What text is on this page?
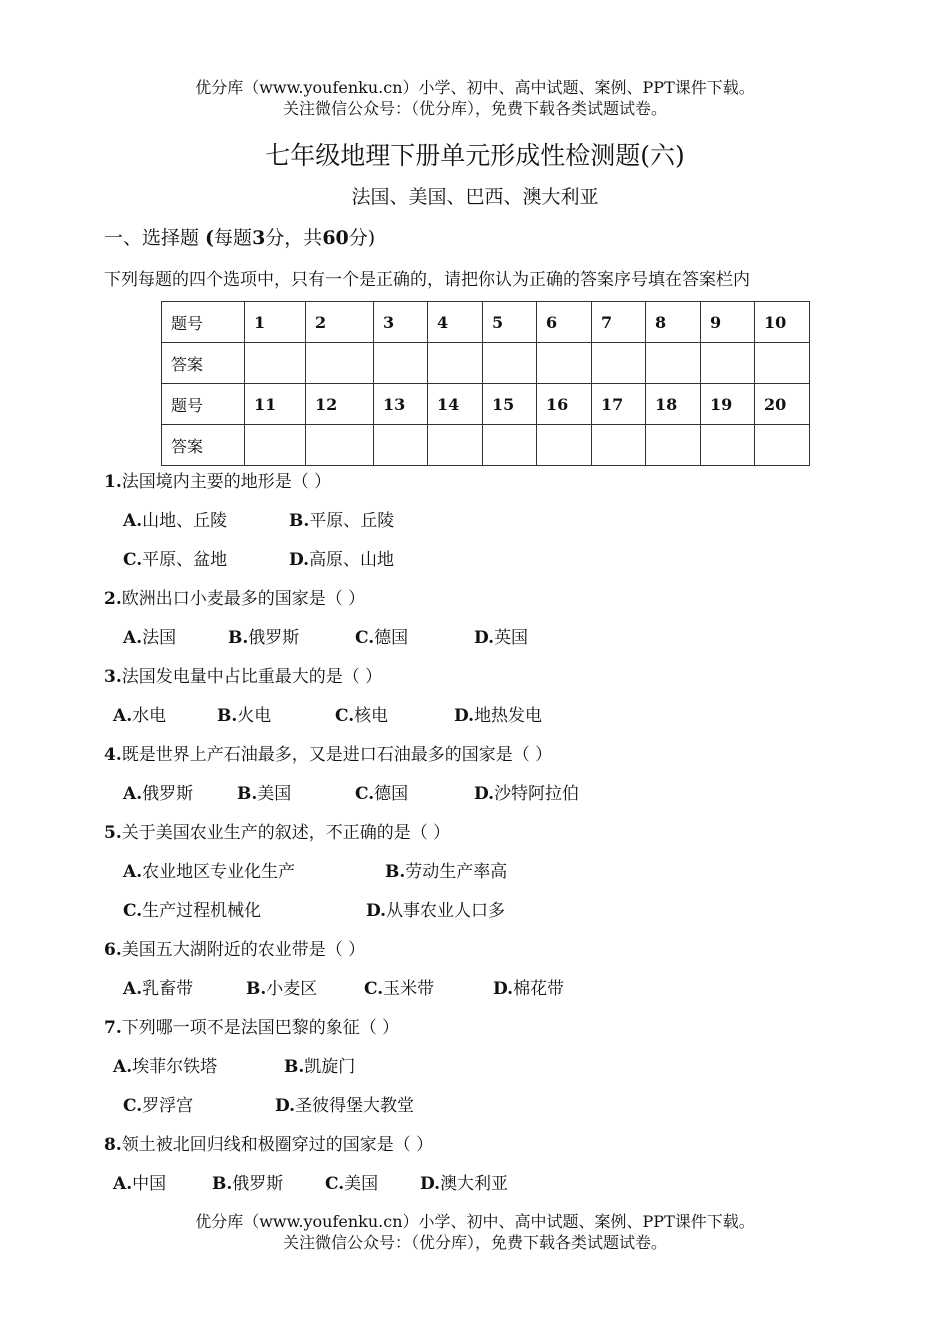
优分库（www.youfenku.cn）小学、初中、高中试题、案例、PPT课件下载。
关注微信公众号：（优分库），免费下载各类试题试卷。
七年级地理下册单元形成性检测题(六)
法国、美国、巴西、澳大利亚
一、选择题 (每题3分，共60分)
下列每题的四个选项中，只有一个是正确的，请把你认为正确的答案序号填在答案栏内
题号	1	2	3	4	5	6	7	8	9	10
答案										
题号	11	12	13	14	15	16	17	18	19	20
答案										
1.法国境内主要的地形是（ ）
A.山地、丘陵	B.平原、丘陵
C.平原、盆地	D.高原、山地
2.欧洲出口小麦最多的国家是（ ）
A.法国	B.俄罗斯	C.德国	D.英国
3.法国发电量中占比重最大的是（ ）
A.水电	B.火电	C.核电	D.地热发电
4.既是世界上产石油最多，又是进口石油最多的国家是（ ）
A.俄罗斯	B.美国	C.德国	D.沙特阿拉伯
5.关于美国农业生产的叙述，不正确的是（ ）
A.农业地区专业化生产	B.劳动生产率高
C.生产过程机械化	D.从事农业人口多
6.美国五大湖附近的农业带是（ ）
A.乳畜带	B.小麦区	C.玉米带	D.棉花带
7.下列哪一项不是法国巴黎的象征（ ）
A.埃菲尔铁塔	B.凯旋门
C.罗浮宫	D.圣彼得堡大教堂
8.领土被北回归线和极圈穿过的国家是（ ）
A.中国	B.俄罗斯 C.美国 D.澳大利亚
优分库（www.youfenku.cn）小学、初中、高中试题、案例、PPT课件下载。
关注微信公众号：（优分库），免费下载各类试题试卷。
